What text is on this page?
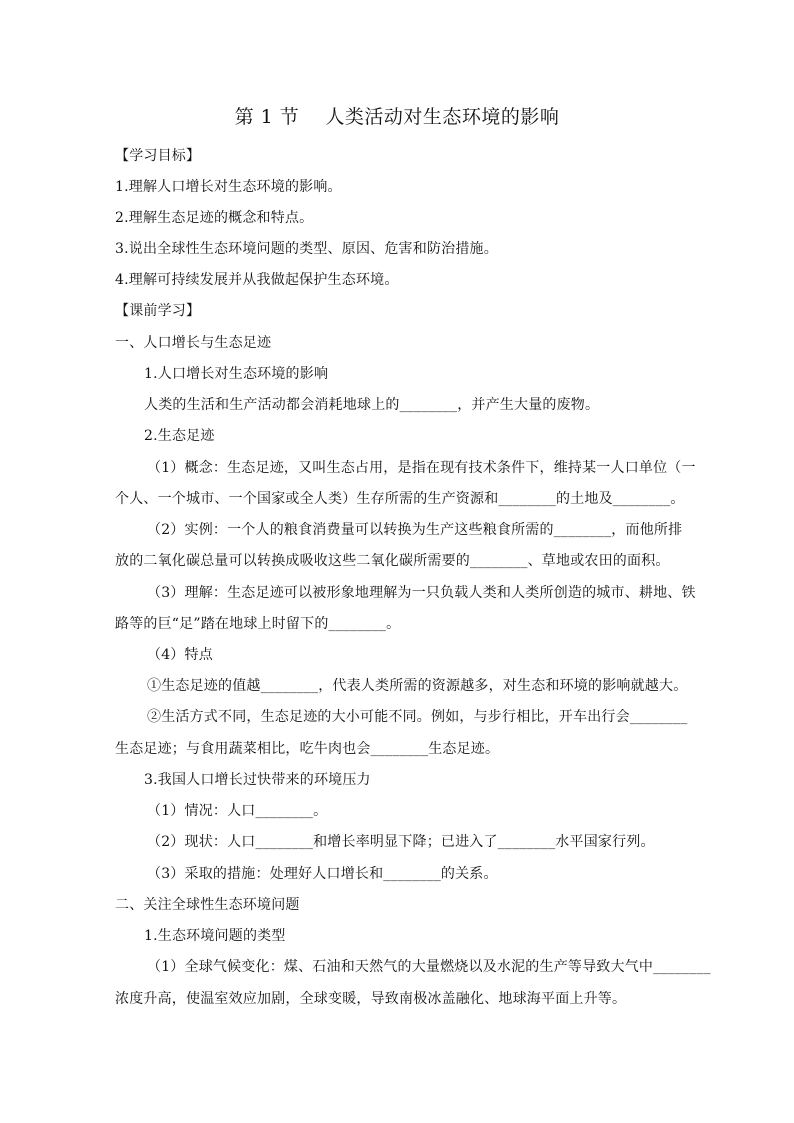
第 1 节    人类活动对生态环境的影响
【学习目标】
1.理解人口增长对生态环境的影响。
2.理解生态足迹的概念和特点。
3.说出全球性生态环境问题的类型、原因、危害和防治措施。
4.理解可持续发展并从我做起保护生态环境。
【课前学习】
一、人口增长与生态足迹
1.人口增长对生态环境的影响
人类的生活和生产活动都会消耗地球上的________，并产生大量的废物。
2.生态足迹
（1）概念：生态足迹，又叫生态占用，是指在现有技术条件下，维持某一人口单位（一
个人、一个城市、一个国家或全人类）生存所需的生产资源和________的土地及________。
（2）实例：一个人的粮食消费量可以转换为生产这些粮食所需的________，而他所排
放的二氧化碳总量可以转换成吸收这些二氧化碳所需要的________、草地或农田的面积。
（3）理解：生态足迹可以被形象地理解为一只负载人类和人类所创造的城市、耕地、铁
路等的巨“足”踏在地球上时留下的________。
（4）特点
①生态足迹的值越________，代表人类所需的资源越多，对生态和环境的影响就越大。
②生活方式不同，生态足迹的大小可能不同。例如，与步行相比，开车出行会________
生态足迹；与食用蔬菜相比，吃牛肉也会________生态足迹。
3.我国人口增长过快带来的环境压力
（1）情况：人口________。
（2）现状：人口________和增长率明显下降；已进入了________水平国家行列。
（3）采取的措施：处理好人口增长和________的关系。
二、关注全球性生态环境问题
1.生态环境问题的类型
（1）全球气候变化：煤、石油和天然气的大量燃烧以及水泥的生产等导致大气中________
浓度升高，使温室效应加剧，全球变暖，导致南极冰盖融化、地球海平面上升等。
